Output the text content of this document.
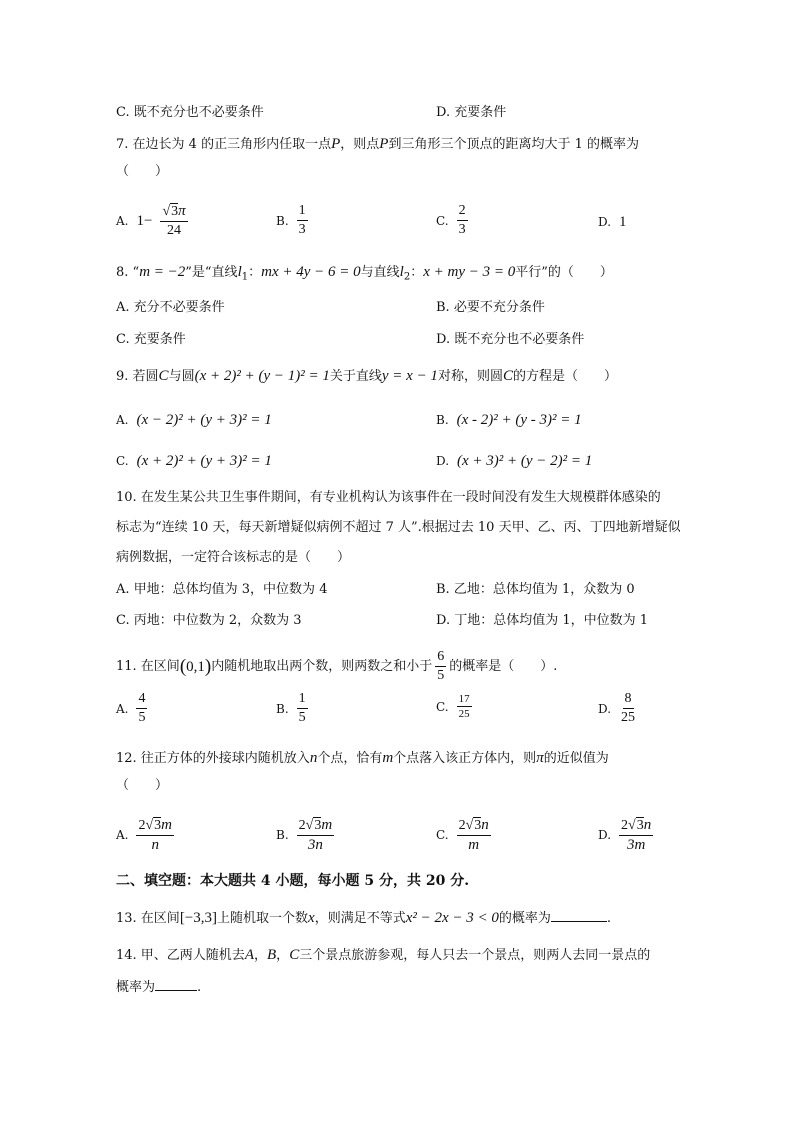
C. 既不充分也不必要条件	D. 充要条件
7. 在边长为 4 的正三角形内任取一点P，则点P到三角形三个顶点的距离均大于 1 的概率为
（　　）
A. $1- \frac{√3\pi}{24}$	B. $\frac{1}{3}$	C. $\frac{2}{3}$	D. 1
8. “m = −2”是“直线$l_1$：mx + 4y − 6 = 0与直线$l_2$：x + my − 3 = 0平行”的（　　）
A. 充分不必要条件	B. 必要不充分条件
C. 充要条件	D. 既不充分也不必要条件
9. 若圆C与圆(x + 2)² + (y − 1)² = 1关于直线y = x − 1对称，则圆C的方程是（　　）
A. (x − 2)² + (y + 3)² = 1	B. (x - 2)² + (y - 3)² = 1
C. (x + 2)² + (y + 3)² = 1	D. (x + 3)² + (y − 2)² = 1
10. 在发生某公共卫生事件期间，有专业机构认为该事件在一段时间没有发生大规模群体感染的
标志为“连续 10 天，每天新增疑似病例不超过 7 人”.根据过去 10 天甲、乙、丙、丁四地新增疑似
病例数据，一定符合该标志的是（　　）
A. 甲地：总体均值为 3，中位数为 4	B. 乙地：总体均值为 1，众数为 0
C. 丙地：中位数为 2，众数为 3	D. 丁地：总体均值为 1，中位数为 1
11. 在区间 ( 0,1 ) 内随机地取出两个数，则两数之和小于 $\frac{6}{5}$ 的概率是（　　）.
A. $\frac{4}{5}$	B. $\frac{1}{5}$	C. $\frac{17}{25}$	D. $\frac{8}{25}$
12. 往正方体的外接球内随机放入n个点，恰有m个点落入该正方体内，则π的近似值为
（　　）
A. $\frac{2√3m}{n}$	B. $\frac{2√3m}{3n}$	C. $\frac{2√3n}{m}$	D. $\frac{2√3n}{3m}$
二、填空题：本大题共 4 小题，每小题 5 分，共 20 分.
13. 在区间[−3,3]上随机取一个数x，则满足不等式x² − 2x − 3 < 0的概率为	.
14. 甲、乙两人随机去A，B，C三个景点旅游参观，每人只去一个景点，则两人去同一景点的
概率为	.
